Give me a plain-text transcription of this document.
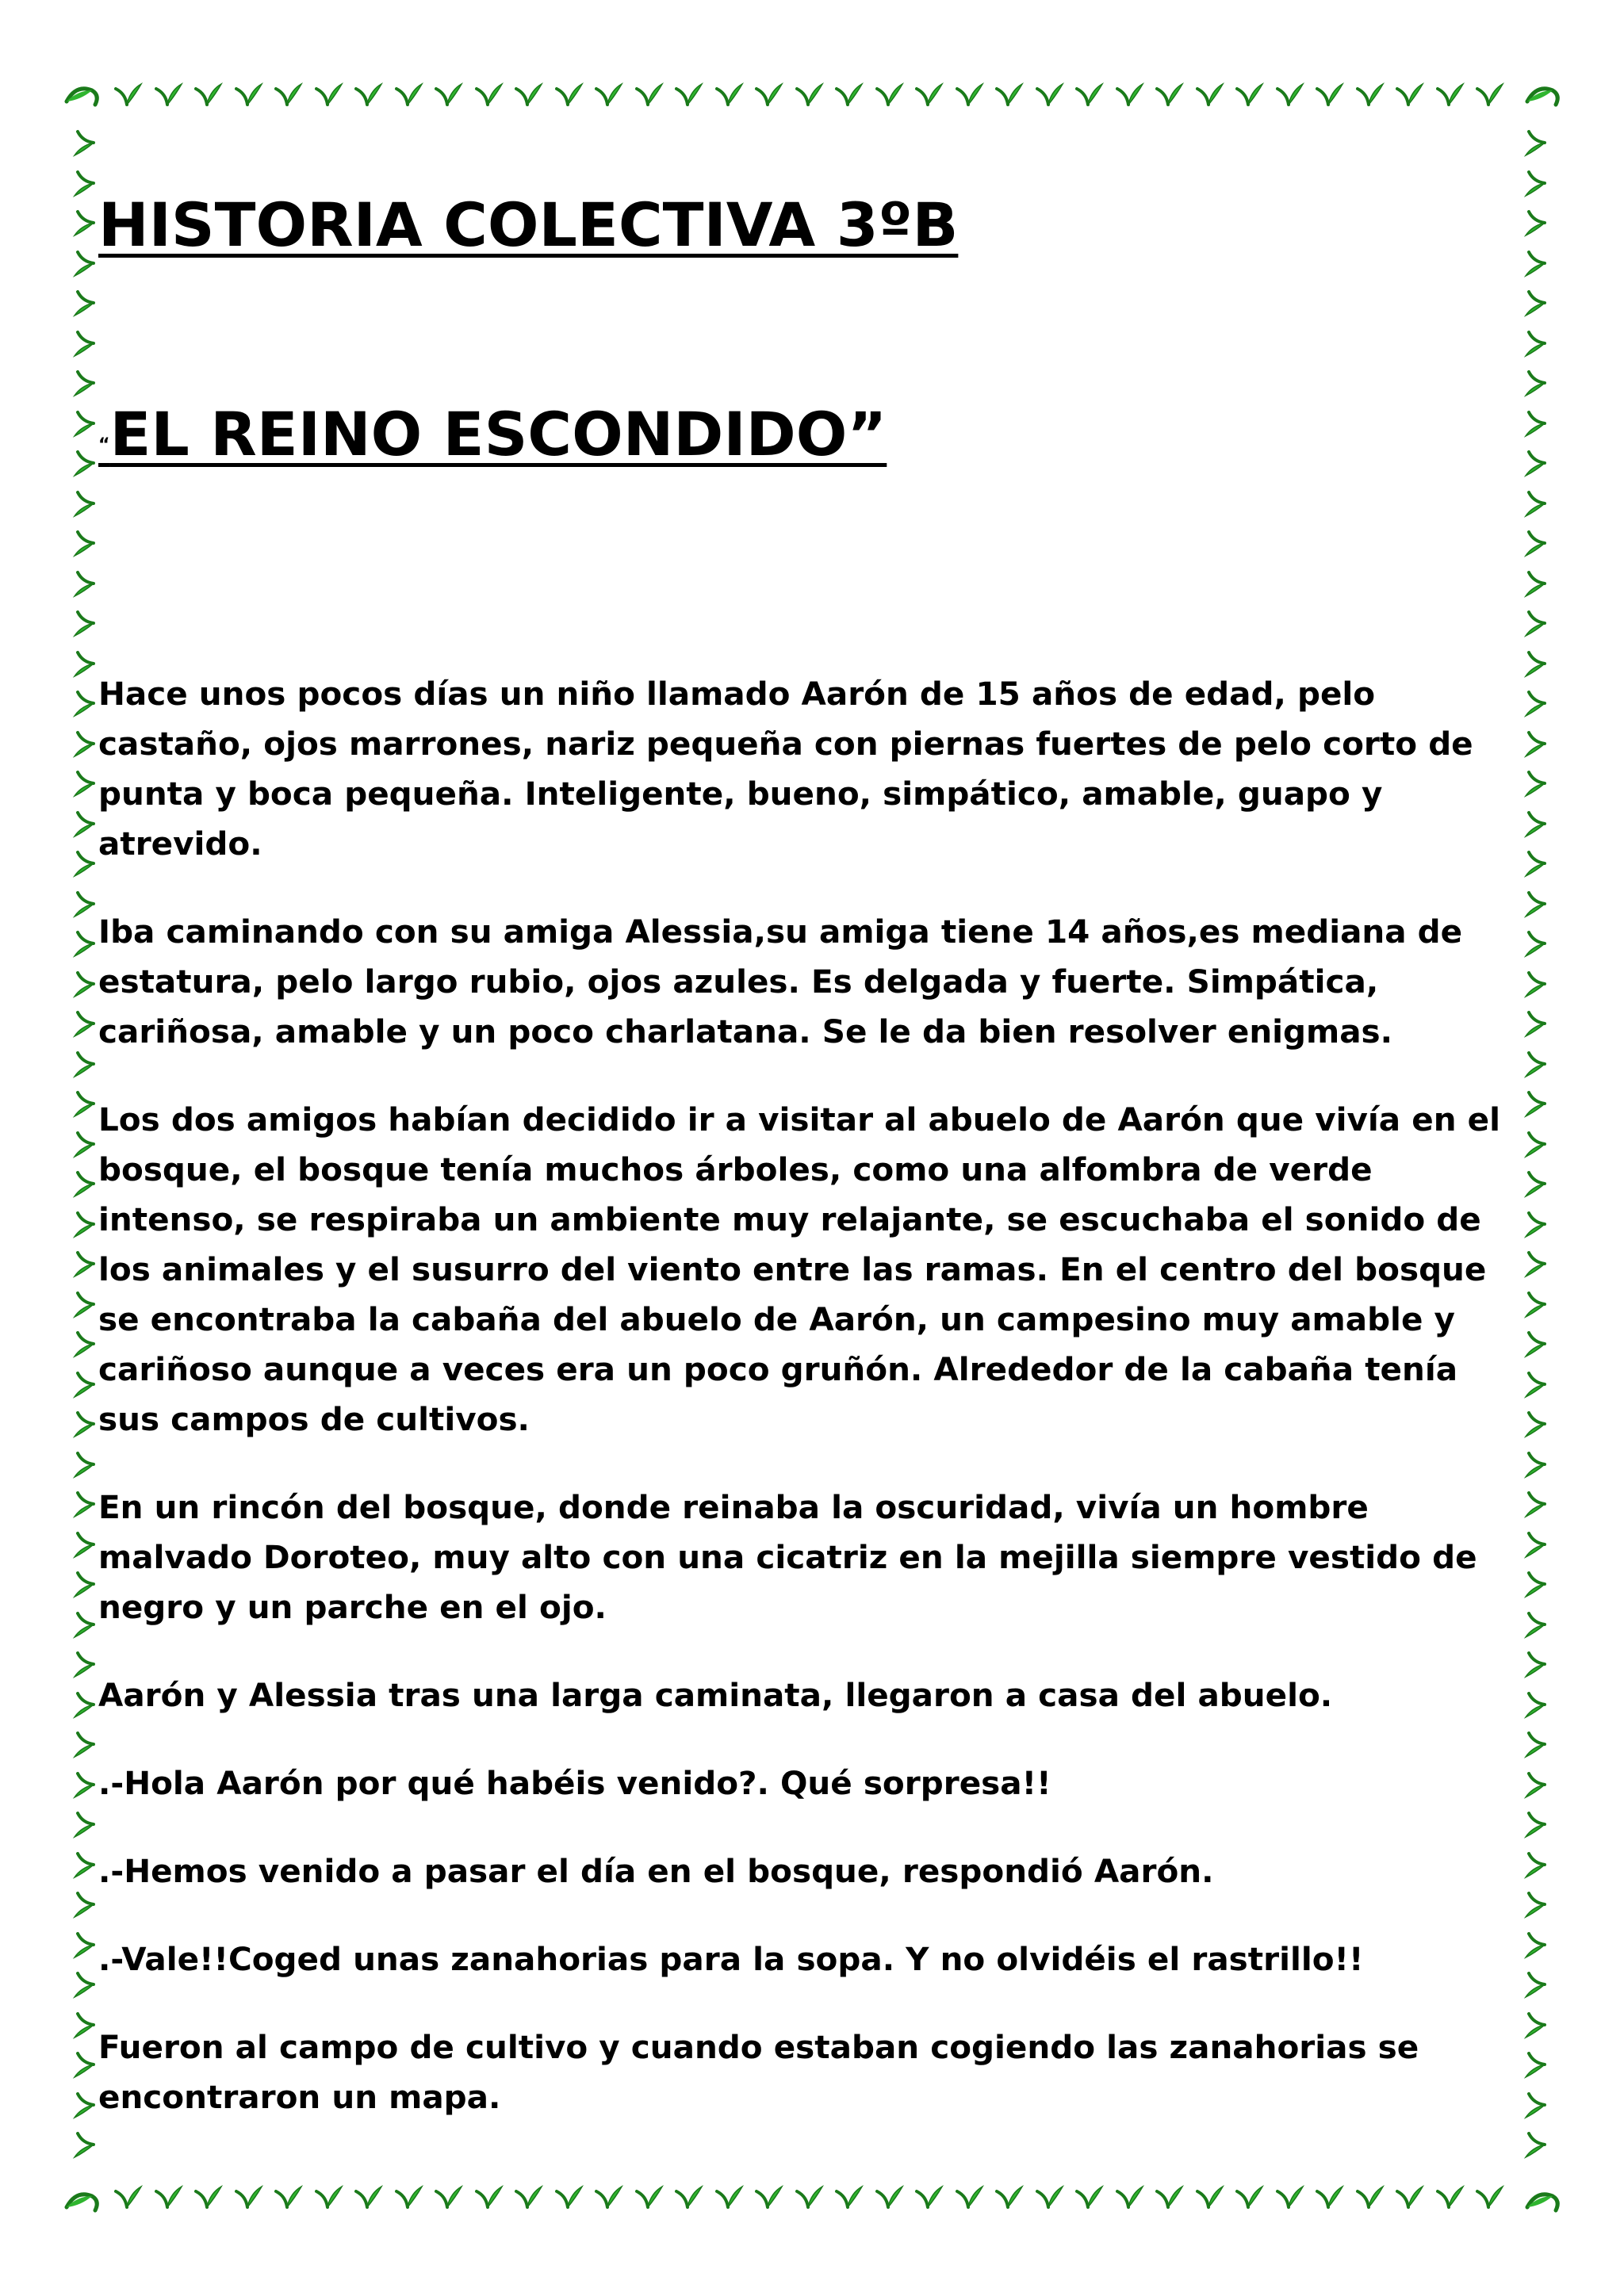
HISTORIA COLECTIVA 3ºB
“EL REINO ESCONDIDO”

Hace unos pocos días un niño llamado Aarón de 15 años de edad, pelo castaño, ojos marrones, nariz pequeña con piernas fuertes de pelo corto de punta y boca pequeña. Inteligente, bueno, simpático, amable, guapo y atrevido.

Iba caminando con su amiga Alessia,su amiga tiene 14 años,es mediana de estatura, pelo largo rubio, ojos azules. Es delgada y fuerte. Simpática, cariñosa, amable y un poco charlatana. Se le da bien resolver enigmas.

Los dos amigos habían decidido ir a visitar al abuelo de Aarón que vivía en el bosque, el bosque tenía muchos árboles, como una alfombra de verde intenso, se respiraba un ambiente muy relajante, se escuchaba el sonido de los animales y el susurro del viento entre las ramas. En el centro del bosque se encontraba la cabaña del abuelo de Aarón, un campesino muy amable y cariñoso aunque a veces era un poco gruñón. Alrededor de la cabaña tenía sus campos de cultivos.

En un rincón del bosque, donde reinaba la oscuridad, vivía un hombre malvado Doroteo, muy alto con una cicatriz en la mejilla siempre vestido de negro y un parche en el ojo.

Aarón y Alessia tras una larga caminata, llegaron a casa del abuelo.

.-Hola Aarón por qué habéis venido?. Qué sorpresa!!

.-Hemos venido a pasar el día en el bosque, respondió Aarón.

.-Vale!!Coged unas zanahorias para la sopa. Y no olvidéis el rastrillo!!

Fueron al campo de cultivo y cuando estaban cogiendo las zanahorias se encontraron un mapa.
